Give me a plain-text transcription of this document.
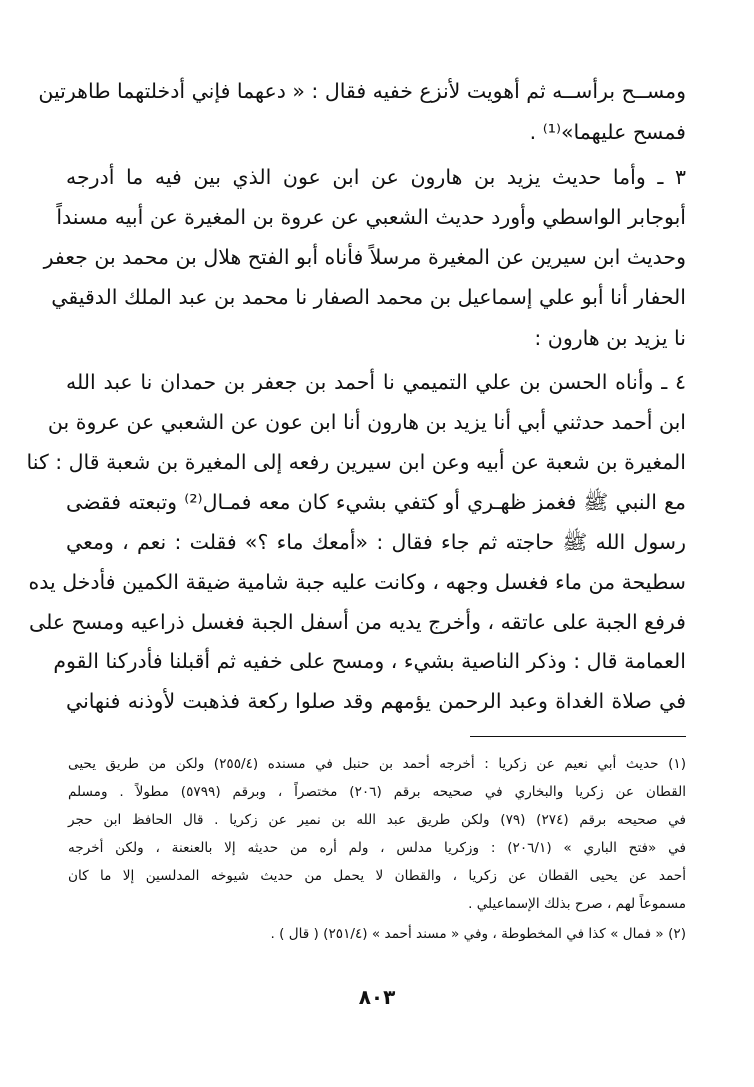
ومســح برأســه ثم أهويت لأنزع خفيه فقال : « دعهما فإني أدخلتهما طاهرتين
فمسح عليهما»⁽¹⁾ .
٣ ـ وأما حديث يزيد بن هارون عن ابن عون الذي بين فيه ما أدرجه
أبوجابر الواسطي وأورد حديث الشعبي عن عروة بن المغيرة عن أبيه مسنداً
وحديث ابن سيرين عن المغيرة مرسلاً فأناه أبو الفتح هلال بن محمد بن جعفر
الحفار أنا أبو علي إسماعيل بن محمد الصفار نا محمد بن عبد الملك الدقيقي
نا يزيد بن هارون :
٤ ـ وأناه الحسن بن علي التميمي نا أحمد بن جعفر بن حمدان نا عبد الله
ابن أحمد حدثني أبي أنا يزيد بن هارون أنا ابن عون عن الشعبي عن عروة بن
المغيرة بن شعبة عن أبيه وعن ابن سيرين رفعه إلى المغيرة بن شعبة قال : كنا
مع النبي ﷺ فغمز ظهـري أو كتفي بشيء كان معه فمـال⁽²⁾ وتبعته فقضى
رسول الله ﷺ حاجته ثم جاء فقال : «أمعك ماء ؟» فقلت : نعم ، ومعي
سطيحة من ماء فغسل وجهه ، وكانت عليه جبة شامية ضيقة الكمين فأدخل يده
فرفع الجبة على عاتقه ، وأخرج يديه من أسفل الجبة فغسل ذراعيه ومسح على
العمامة قال : وذكر الناصية بشيء ، ومسح على خفيه ثم أقبلنا فأدركنا القوم
في صلاة الغداة وعبد الرحمن يؤمهم وقد صلوا ركعة فذهبت لأوذنه فنهاني
(١) حديث أبي نعيم عن زكريا : أخرجه أحمد بن حنبل في مسنده (٢٥٥/٤) ولكن من طريق يحيى
القطان عن زكريا والبخاري في صحيحه برقم (٢٠٦) مختصراً ، وبرقم (٥٧٩٩) مطولاً . ومسلم
في صحيحه برقم (٢٧٤) (٧٩) ولكن طريق عبد الله بن نمير عن زكريا . قال الحافظ ابن حجر
في «فتح الباري » (٢٠٦/١) : وزكريا مدلس ، ولم أره من حديثه إلا بالعنعنة ، ولكن أخرجه
أحمد عن يحيى القطان عن زكريا ، والقطان لا يحمل من حديث شيوخه المدلسين إلا ما كان
مسموعاً لهم ، صرح بذلك الإسماعيلي .
(٢) « فمال » كذا في المخطوطة ، وفي « مسند أحمد » (٢٥١/٤) ( قال ) .
٨٠٣
